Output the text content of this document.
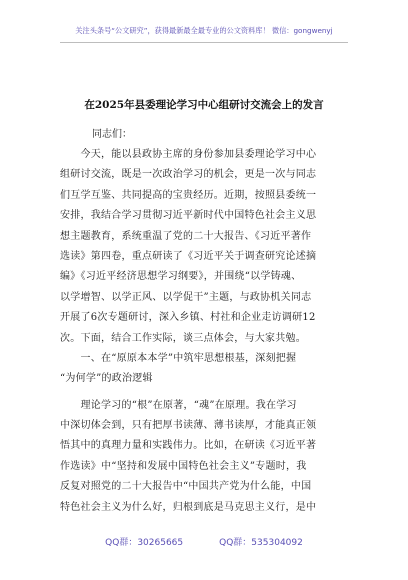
关注头条号“公文研究”，获得最新最全最专业的公文资料库！ 微信：gongwenyj
在2025年县委理论学习中心组研讨交流会上的发言
同志们：
　　今天，能以县政协主席的身份参加县委理论学习中心
组研讨交流，既是一次政治学习的机会，更是一次与同志
们互学互鉴、共同提高的宝贵经历。近期，按照县委统一
安排，我结合学习贯彻习近平新时代中国特色社会主义思
想主题教育，系统重温了党的二十大报告、《习近平著作
选读》第四卷，重点研读了《习近平关于调查研究论述摘
编》《习近平经济思想学习纲要》，并围绕“以学铸魂、
以学增智、以学正风、以学促干”主题，与政协机关同志
开展了6次专题研讨，深入乡镇、村社和企业走访调研12
次。下面，结合工作实际，谈三点体会，与大家共勉。
　　一、在“原原本本学”中筑牢思想根基，深刻把握
“为何学”的政治逻辑
　　理论学习的“根”在原著，“魂”在原理。我在学习
中深切体会到，只有把厚书读薄、薄书读厚，才能真正领
悟其中的真理力量和实践伟力。比如，在研读《习近平著
作选读》中“坚持和发展中国特色社会主义”专题时，我
反复对照党的二十大报告中“中国共产党为什么能，中国
特色社会主义为什么好，归根到底是马克思主义行，是中
QQ群：30265665	QQ群：535304092
